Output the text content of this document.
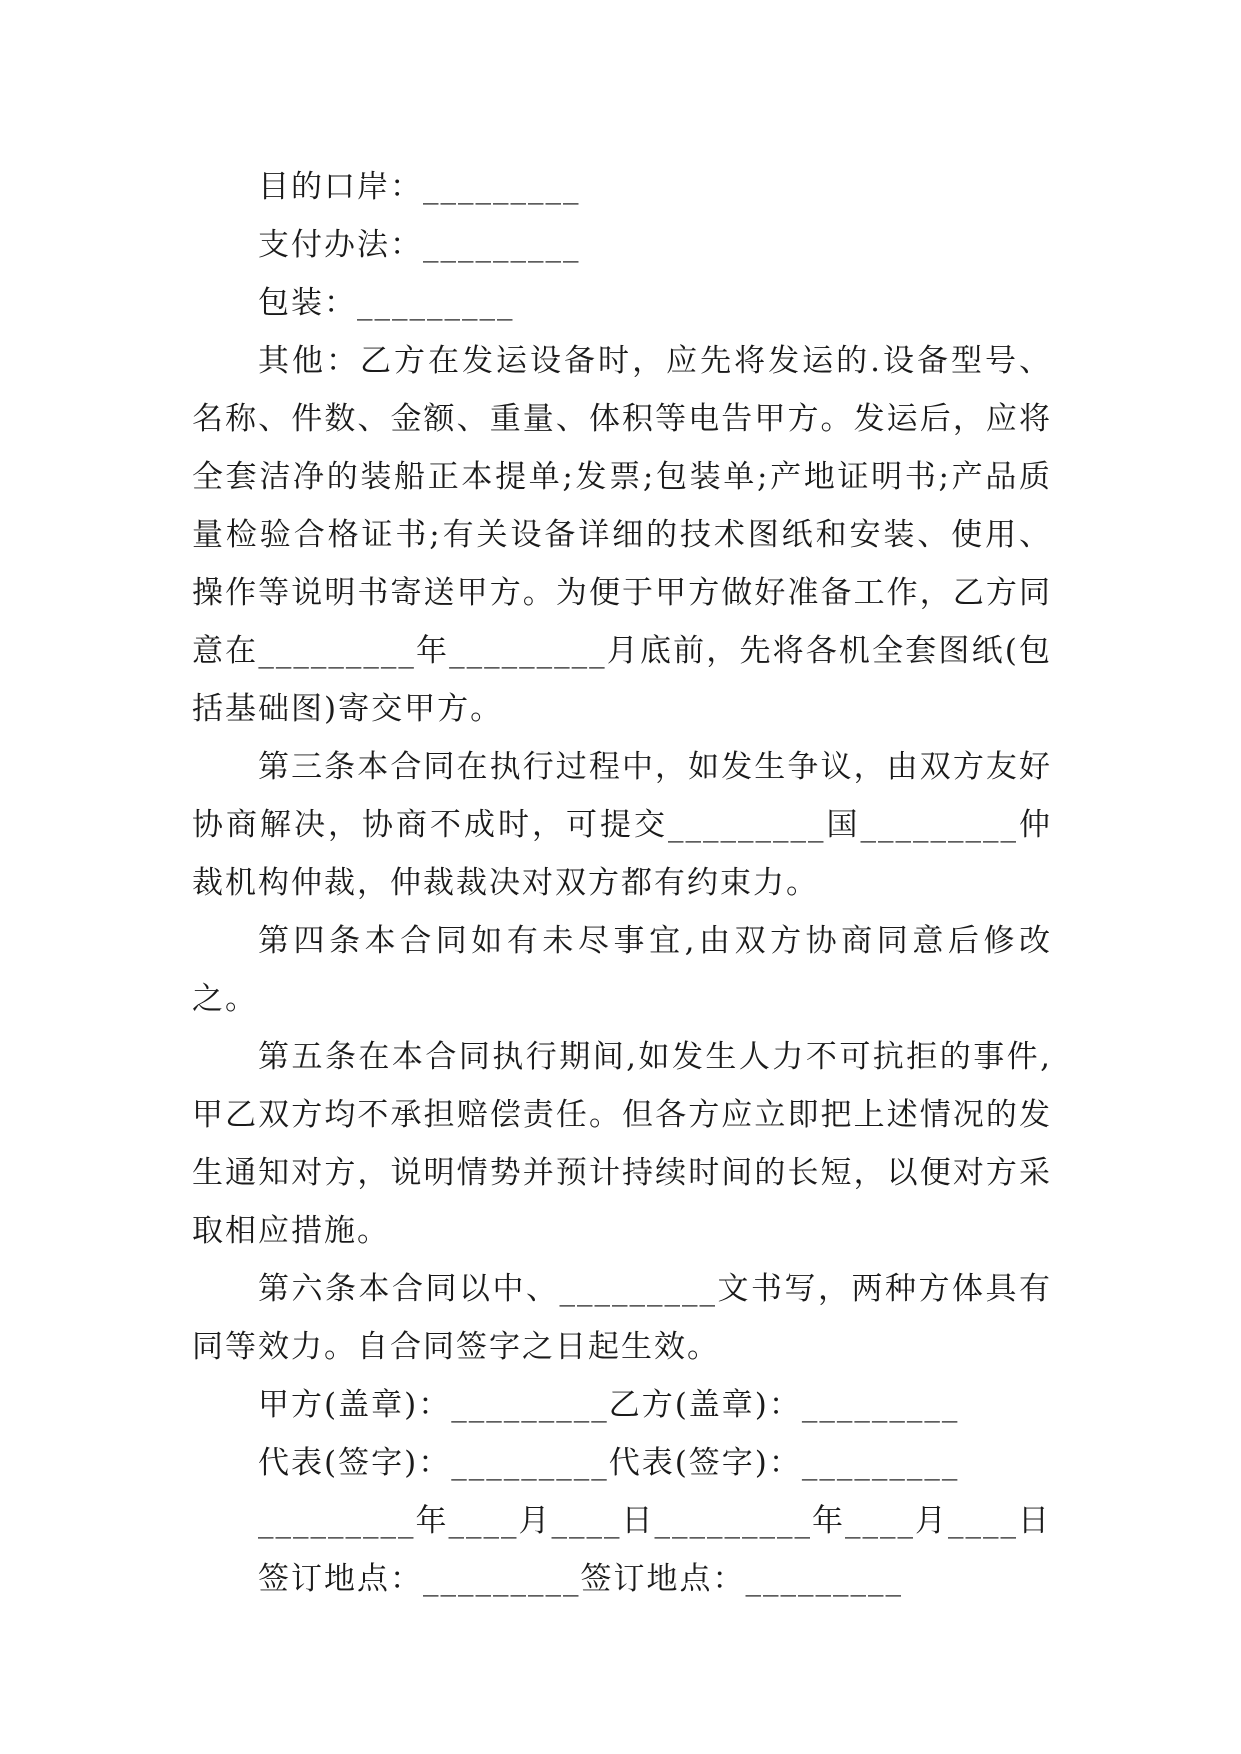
目的口岸：_________

支付办法：_________

包装：_________

其他：乙方在发运设备时，应先将发运的.设备型号、名称、件数、金额、重量、体积等电告甲方。发运后，应将全套洁净的装船正本提单;发票;包装单;产地证明书;产品质量检验合格证书;有关设备详细的技术图纸和安装、使用、操作等说明书寄送甲方。为便于甲方做好准备工作，乙方同意在_________年_________月底前，先将各机全套图纸(包括基础图)寄交甲方。

第三条本合同在执行过程中，如发生争议，由双方友好协商解决，协商不成时，可提交_________国_________仲裁机构仲裁，仲裁裁决对双方都有约束力。

第四条本合同如有未尽事宜,由双方协商同意后修改之。

第五条在本合同执行期间,如发生人力不可抗拒的事件,甲乙双方均不承担赔偿责任。但各方应立即把上述情况的发生通知对方，说明情势并预计持续时间的长短，以便对方采取相应措施。

第六条本合同以中、_________文书写，两种方体具有同等效力。自合同签字之日起生效。

甲方(盖章)：_________乙方(盖章)：_________

代表(签字)：_________代表(签字)：_________

_________年____月____日_________年____月____日

签订地点：_________签订地点：_________
